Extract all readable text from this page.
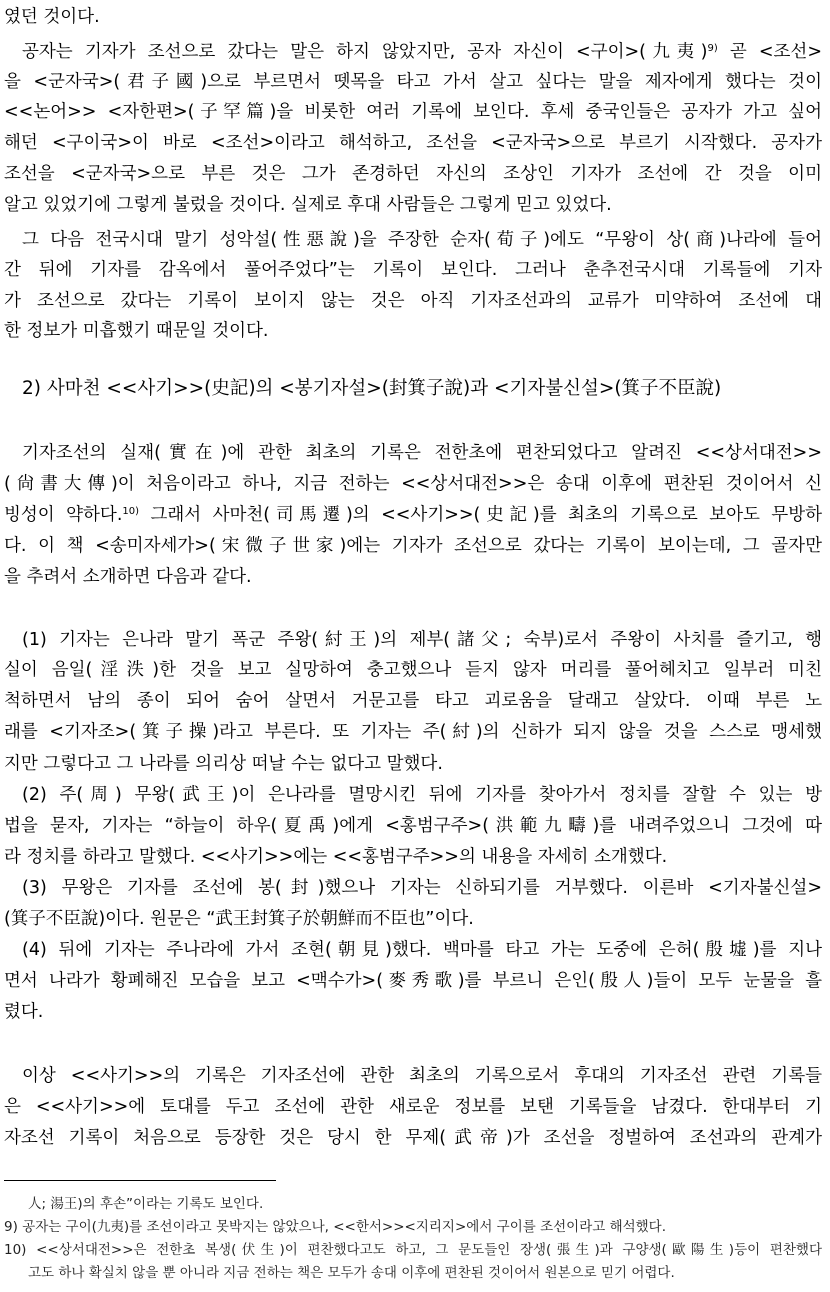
였던 것이다.
공자는 기자가 조선으로 갔다는 말은 하지 않았지만, 공자 자신이 <구이>(九夷)$^{9)}$ 곧 <조선>
을 <군자국>(君子國)으로 부르면서 뗏목을 타고 가서 살고 싶다는 말을 제자에게 했다는 것이
<<논어>> <자한편>(子罕篇)을 비롯한 여러 기록에 보인다. 후세 중국인들은 공자가 가고 싶어
해던 <구이국>이 바로 <조선>이라고 해석하고, 조선을 <군자국>으로 부르기 시작했다. 공자가
조선을 <군자국>으로 부른 것은 그가 존경하던 자신의 조상인 기자가 조선에 간 것을 이미
알고 있었기에 그렇게 불렀을 것이다. 실제로 후대 사람들은 그렇게 믿고 있었다.
그 다음 전국시대 말기 성악설(性惡說)을 주장한 순자(荀子)에도 “무왕이 상(商)나라에 들어
간 뒤에 기자를 감옥에서 풀어주었다”는 기록이 보인다. 그러나 춘추전국시대 기록들에 기자
가 조선으로 갔다는 기록이 보이지 않는 것은 아직 기자조선과의 교류가 미약하여 조선에 대
한 정보가 미흡했기 때문일 것이다.
2) 사마천 <<사기>>(史記)의 <봉기자설>(封箕子說)과 <기자불신설>(箕子不臣說)
기자조선의 실재(實在)에 관한 최초의 기록은 전한초에 편찬되었다고 알려진 <<상서대전>>
(尙書大傳)이 처음이라고 하나, 지금 전하는 <<상서대전>>은 송대 이후에 편찬된 것이어서 신
빙성이 약하다.$^{10)}$ 그래서 사마천(司馬遷)의 <<사기>>(史記)를 최초의 기록으로 보아도 무방하
다. 이 책 <송미자세가>(宋微子世家)에는 기자가 조선으로 갔다는 기록이 보이는데, 그 골자만
을 추려서 소개하면 다음과 같다.
(1) 기자는 은나라 말기 폭군 주왕(紂王)의 제부(諸父; 숙부)로서 주왕이 사치를 즐기고, 행
실이 음일(淫泆)한 것을 보고 실망하여 충고했으나 듣지 않자 머리를 풀어헤치고 일부러 미친
척하면서 남의 종이 되어 숨어 살면서 거문고를 타고 괴로움을 달래고 살았다. 이때 부른 노
래를 <기자조>(箕子操)라고 부른다. 또 기자는 주(紂)의 신하가 되지 않을 것을 스스로 맹세했
지만 그렇다고 그 나라를 의리상 떠날 수는 없다고 말했다.
(2) 주(周) 무왕(武王)이 은나라를 멸망시킨 뒤에 기자를 찾아가서 정치를 잘할 수 있는 방
법을 묻자, 기자는 “하늘이 하우(夏禹)에게 <홍범구주>(洪範九疇)를 내려주었으니 그것에 따
라 정치를 하라고 말했다. <<사기>>에는 <<홍범구주>>의 내용을 자세히 소개했다.
(3) 무왕은 기자를 조선에 봉(封)했으나 기자는 신하되기를 거부했다. 이른바 <기자불신설>
(箕子不臣說)이다. 원문은 “武王封箕子於朝鮮而不臣也”이다.
(4) 뒤에 기자는 주나라에 가서 조현(朝見)했다. 백마를 타고 가는 도중에 은허(殷墟)를 지나
면서 나라가 황폐해진 모습을 보고 <맥수가>(麥秀歌)를 부르니 은인(殷人)들이 모두 눈물을 흘
렸다.
이상 <<사기>>의 기록은 기자조선에 관한 최초의 기록으로서 후대의 기자조선 관련 기록들
은 <<사기>>에 토대를 두고 조선에 관한 새로운 정보를 보탠 기록들을 남겼다. 한대부터 기
자조선 기록이 처음으로 등장한 것은 당시 한 무제(武帝)가 조선을 정벌하여 조선과의 관계가
人; 湯王)의 후손”이라는 기록도 보인다.
9) 공자는 구이(九夷)를 조선이라고 못박지는 않았으나, <<한서>><지리지>에서 구이를 조선이라고 해석했다.
10) <<상서대전>>은 전한초 복생(伏生)이 편찬했다고도 하고, 그 문도들인 장생(張生)과 구양생(歐陽生)등이 편찬했다
고도 하나 확실치 않을 뿐 아니라 지금 전하는 책은 모두가 송대 이후에 편찬된 것이어서 원본으로 믿기 어렵다.
